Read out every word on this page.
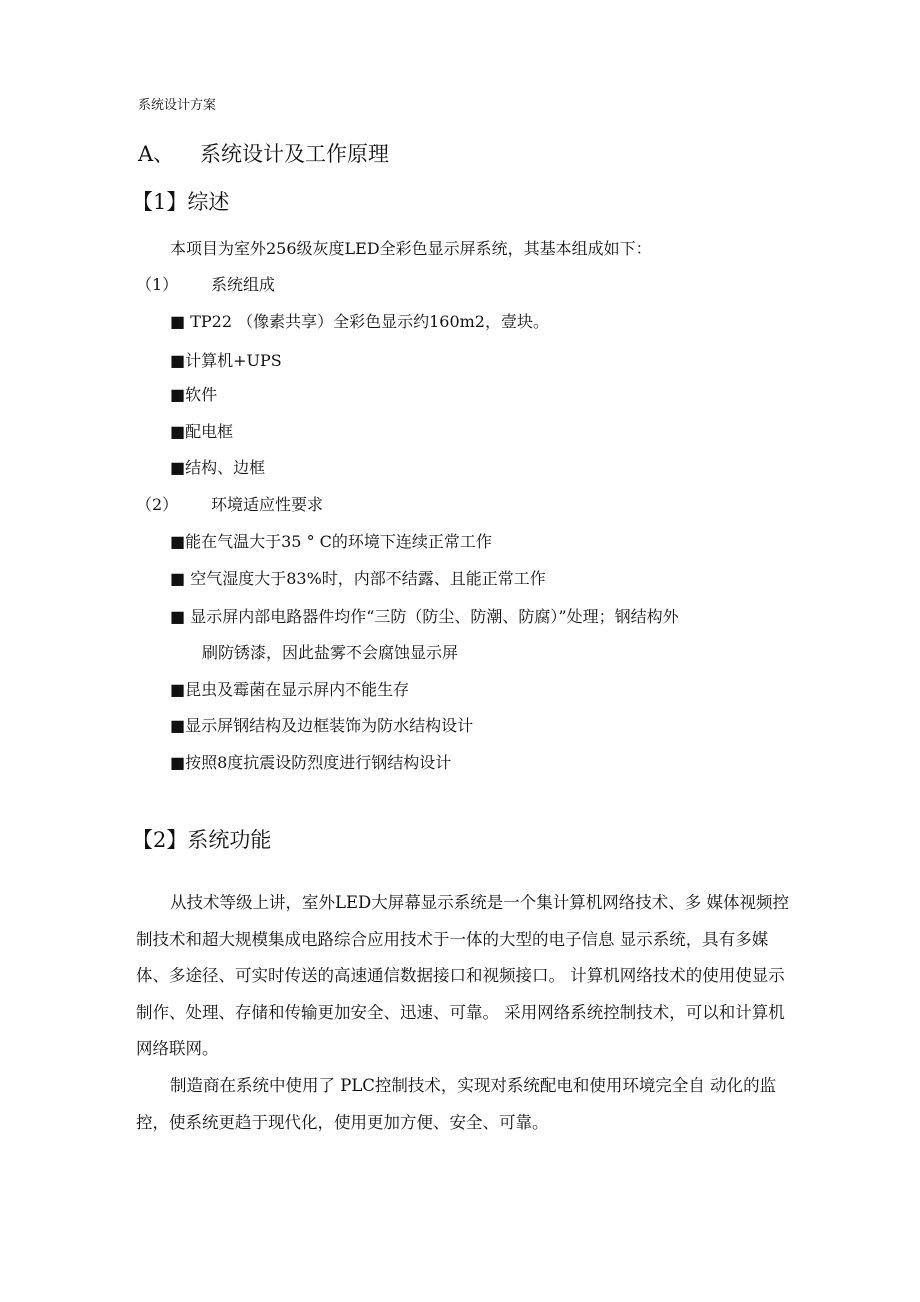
系统设计方案
A、 系统设计及工作原理
【1】综述
本项目为室外256级灰度LED全彩色显示屏系统，其基本组成如下：
（1） 系统组成
■ TP22 （像素共享）全彩色显示约160m2，壹块。
■计算机+UPS
■软件
■配电框
■结构、边框
（2） 环境适应性要求
■能在气温大于35 ° C的环境下连续正常工作
■ 空气湿度大于83%时，内部不结露、且能正常工作
■ 显示屏内部电路器件均作“三防（防尘、防潮、防腐）”处理；钢结构外
刷防锈漆，因此盐雾不会腐蚀显示屏
■昆虫及霉菌在显示屏内不能生存
■显示屏钢结构及边框装饰为防水结构设计
■按照8度抗震设防烈度进行钢结构设计
【2】系统功能
从技术等级上讲，室外LED大屏幕显示系统是一个集计算机网络技术、多 媒体视频控制技术和超大规模集成电路综合应用技术于一体的大型的电子信息 显示系统，具有多媒体、多途径、可实时传送的高速通信数据接口和视频接口。 计算机网络技术的使用使显示制作、处理、存储和传输更加安全、迅速、可靠。 采用网络系统控制技术，可以和计算机网络联网。
制造商在系统中使用了 PLC控制技术，实现对系统配电和使用环境完全自 动化的监控，使系统更趋于现代化，使用更加方便、安全、可靠。
